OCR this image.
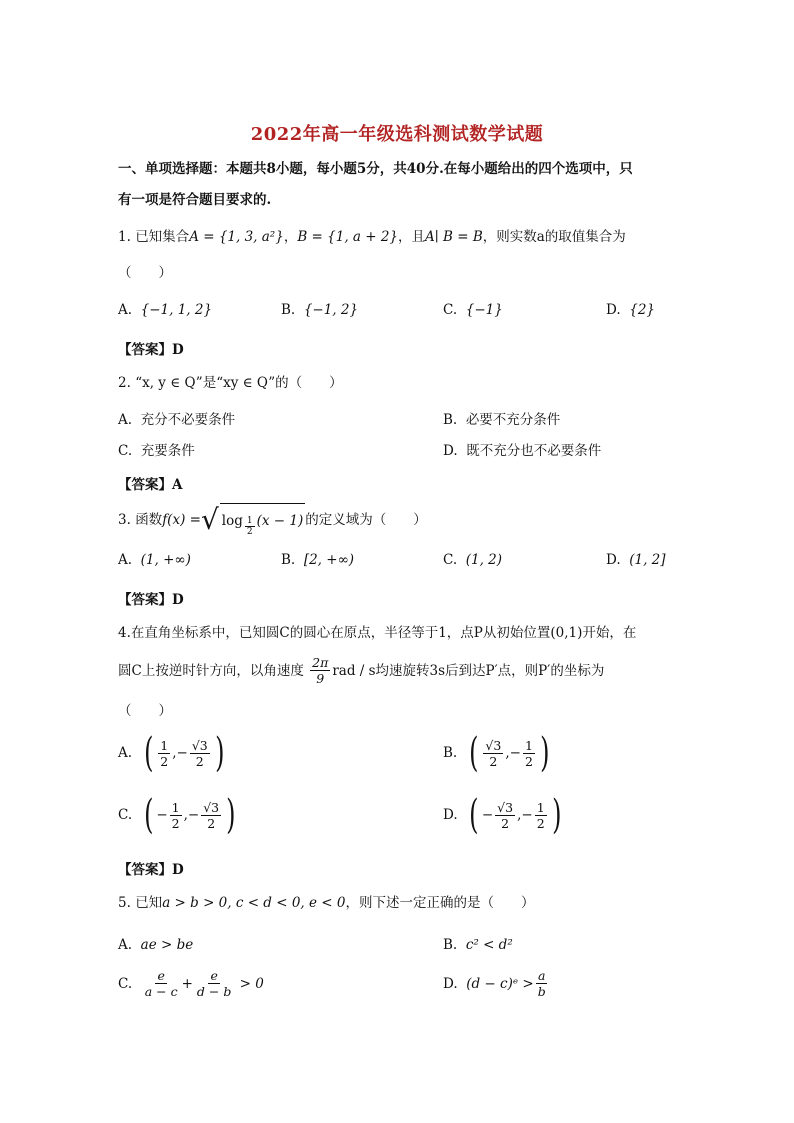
2022年高一年级选科测试数学试题
一、单项选择题：本题共8小题，每小题5分，共40分.在每小题给出的四个选项中，只
有一项是符合题目要求的.
1. 已知集合A = {1, 3, a²}，B = {1, a + 2}，且A∣ B = B，则实数a的取值集合为
（　　）
A. {−1, 1, 2}	B. {−1, 2}	C. {−1}	D. {2}
【答案】D
2. “x, y ∈ Q”是“xy ∈ Q”的（　　）
A. 充分不必要条件	B. 必要不充分条件
C. 充要条件	D. 既不充分也不必要条件
【答案】A
3.
函数 f(x) = √ $\log \frac{1}{2} (x - 1)$ 的定义域为（　　）
A. (1, +∞)	B. [2, +∞)	C. (1, 2)	D. (1, 2]
【答案】D
4.在直角坐标系中，已知圆C的圆心在原点，半径等于1，点P从初始位置(0,1)开始，在
圆C上按逆时针方向，以角速度
$\frac{2\pi}{9}$ rad / s均速旋转3s后到达P′点，则P′的坐标为
（　　）
A.
( $\frac{1}{2}$ ,− $\frac{√3}{2}$ )	B.
( $\frac{√3}{2}$ ,− $\frac{1}{2}$ )
C.
( − $\frac{1}{2}$ ,− $\frac{√3}{2}$ )	D.
( − $\frac{√3}{2}$ ,− $\frac{1}{2}$ )
【答案】D
5. 已知a > b > 0, c < d < 0, e < 0，则下述一定正确的是（　　）
A. ae > be	B. c² < d²
C.
$\frac{e}{a - c} + \frac{e}{d - b}$
> 0	D.
(d − c)ᵉ > $\frac{a}{b}$
